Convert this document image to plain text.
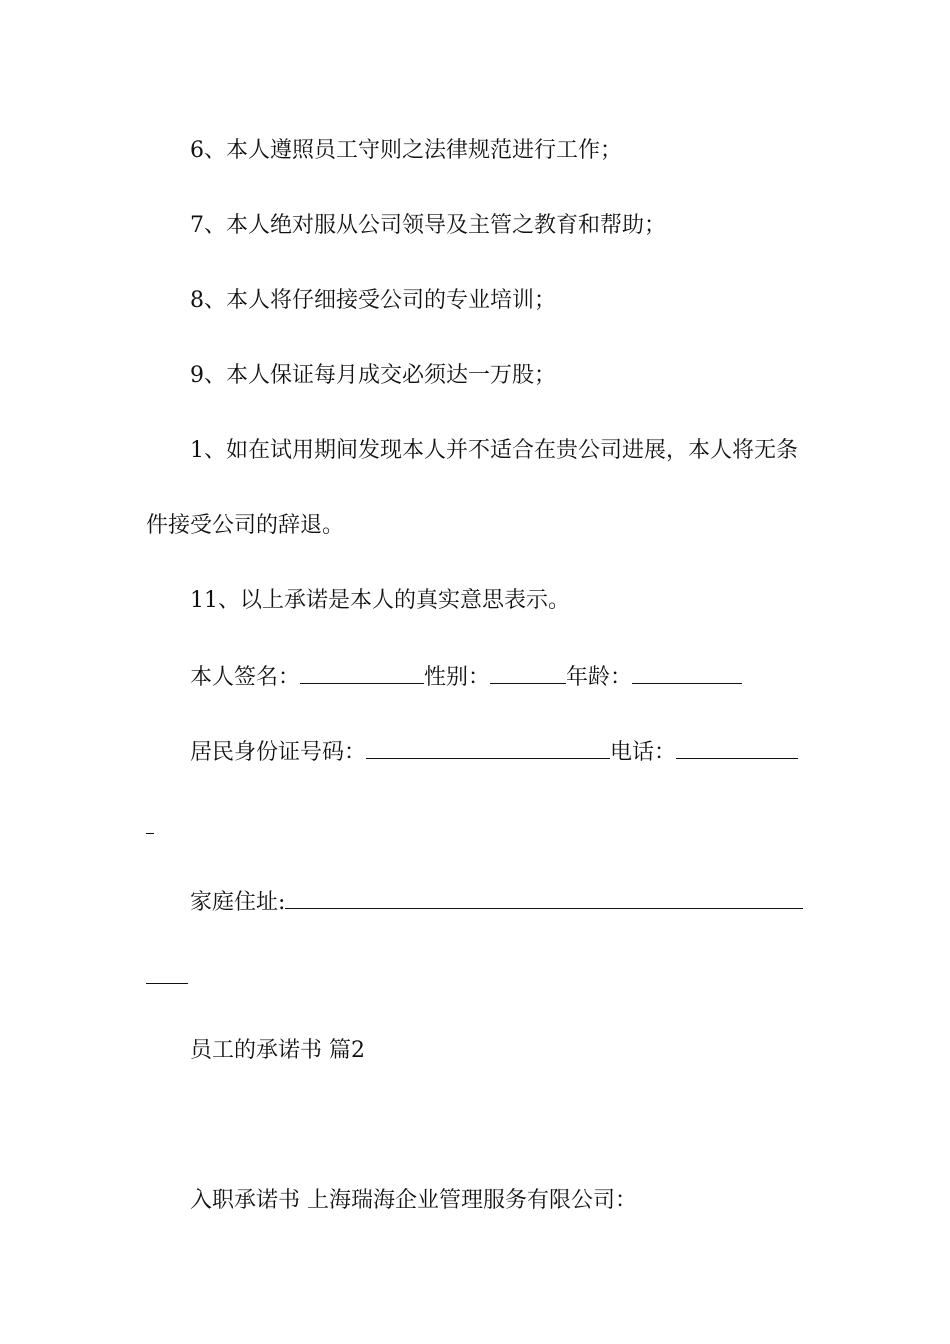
6、本人遵照员工守则之法律规范进行工作；
7、本人绝对服从公司领导及主管之教育和帮助；
8、本人将仔细接受公司的专业培训；
9、本人保证每月成交必须达一万股；
1、如在试用期间发现本人并不适合在贵公司进展，本人将无条
件接受公司的辞退。
11、以上承诺是本人的真实意思表示。
本人签名：	性别：	年龄：
居民身份证号码：	电话：
家庭住址:
员工的承诺书 篇2
入职承诺书 上海瑞海企业管理服务有限公司：
